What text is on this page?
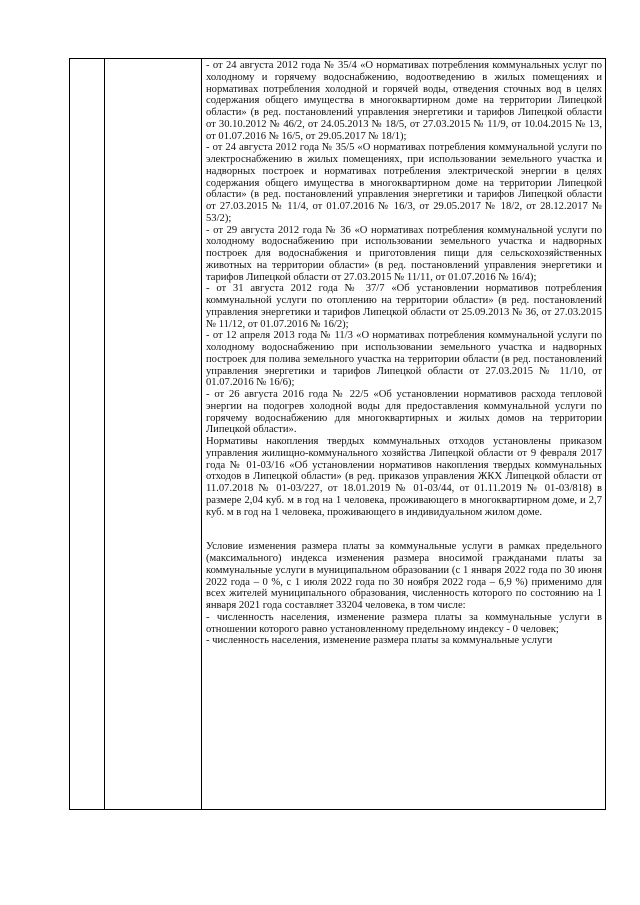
- от 24 августа 2012 года № 35/4 «О нормативах потребления коммунальных услуг по холодному и горячему водоснабжению, водоотведению в жилых помещениях и нормативах потребления холодной и горячей воды, отведения сточных вод в целях содержания общего имущества в многоквартирном доме на территории Липецкой области» (в ред. постановлений управления энергетики и тарифов Липецкой области от 30.10.2012 № 46/2, от 24.05.2013 № 18/5, от 27.03.2015 № 11/9, от 10.04.2015 № 13, от 01.07.2016 № 16/5, от 29.05.2017 № 18/1);

- от 24 августа 2012 года № 35/5 «О нормативах потребления коммунальной услуги по электроснабжению в жилых помещениях, при использовании земельного участка и надворных построек и нормативах потребления электрической энергии в целях содержания общего имущества в многоквартирном доме на территории Липецкой области» (в ред. постановлений управления энергетики и тарифов Липецкой области от 27.03.2015 № 11/4, от 01.07.2016 № 16/3, от 29.05.2017 № 18/2, от 28.12.2017 № 53/2);

- от 29 августа 2012 года № 36 «О нормативах потребления коммунальной услуги по холодному водоснабжению при использовании земельного участка и надворных построек для водоснабжения и приготовления пищи для сельскохозяйственных животных на территории области» (в ред. постановлений управления энергетики и тарифов Липецкой области от 27.03.2015 № 11/11, от 01.07.2016 № 16/4);

- от 31 августа 2012 года № 37/7 «Об установлении нормативов потребления коммунальной услуги по отоплению на территории области» (в ред. постановлений управления энергетики и тарифов Липецкой области от 25.09.2013 № 36, от 27.03.2015 № 11/12, от 01.07.2016 № 16/2);

- от 12 апреля 2013 года № 11/3 «О нормативах потребления коммунальной услуги по холодному водоснабжению при использовании земельного участка и надворных построек для полива земельного участка на территории области (в ред. постановлений управления энергетики и тарифов Липецкой области от 27.03.2015 № 11/10, от 01.07.2016 № 16/6);

- от 26 августа 2016 года № 22/5 «Об установлении нормативов расхода тепловой энергии на подогрев холодной воды для предоставления коммунальной услуги по горячему водоснабжению для многоквартирных и жилых домов на территории Липецкой области».

Нормативы накопления твердых коммунальных отходов установлены приказом управления жилищно-коммунального хозяйства Липецкой области от 9 февраля 2017 года № 01-03/16 «Об установлении нормативов накопления твердых коммунальных отходов в Липецкой области» (в ред. приказов управления ЖКХ Липецкой области от 11.07.2018 № 01-03/227, от 18.01.2019 № 01-03/44, от 01.11.2019 № 01-03/818) в размере 2,04 куб. м в год на 1 человека, проживающего в многоквартирном доме, и 2,7 куб. м в год на 1 человека, проживающего в индивидуальном жилом доме.

Условие изменения размера платы за коммунальные услуги в рамках предельного (максимального) индекса изменения размера вносимой гражданами платы за коммунальные услуги в муниципальном образовании (с 1 января 2022 года по 30 июня 2022 года – 0 %, с 1 июля 2022 года по 30 ноября 2022 года – 6,9 %) применимо для всех жителей муниципального образования, численность которого по состоянию на 1 января 2021 года составляет 33204 человека, в том числе:

- численность населения, изменение размера платы за коммунальные услуги в отношении которого равно установленному предельному индексу - 0 человек;

- численность населения, изменение размера платы за коммунальные услуги
